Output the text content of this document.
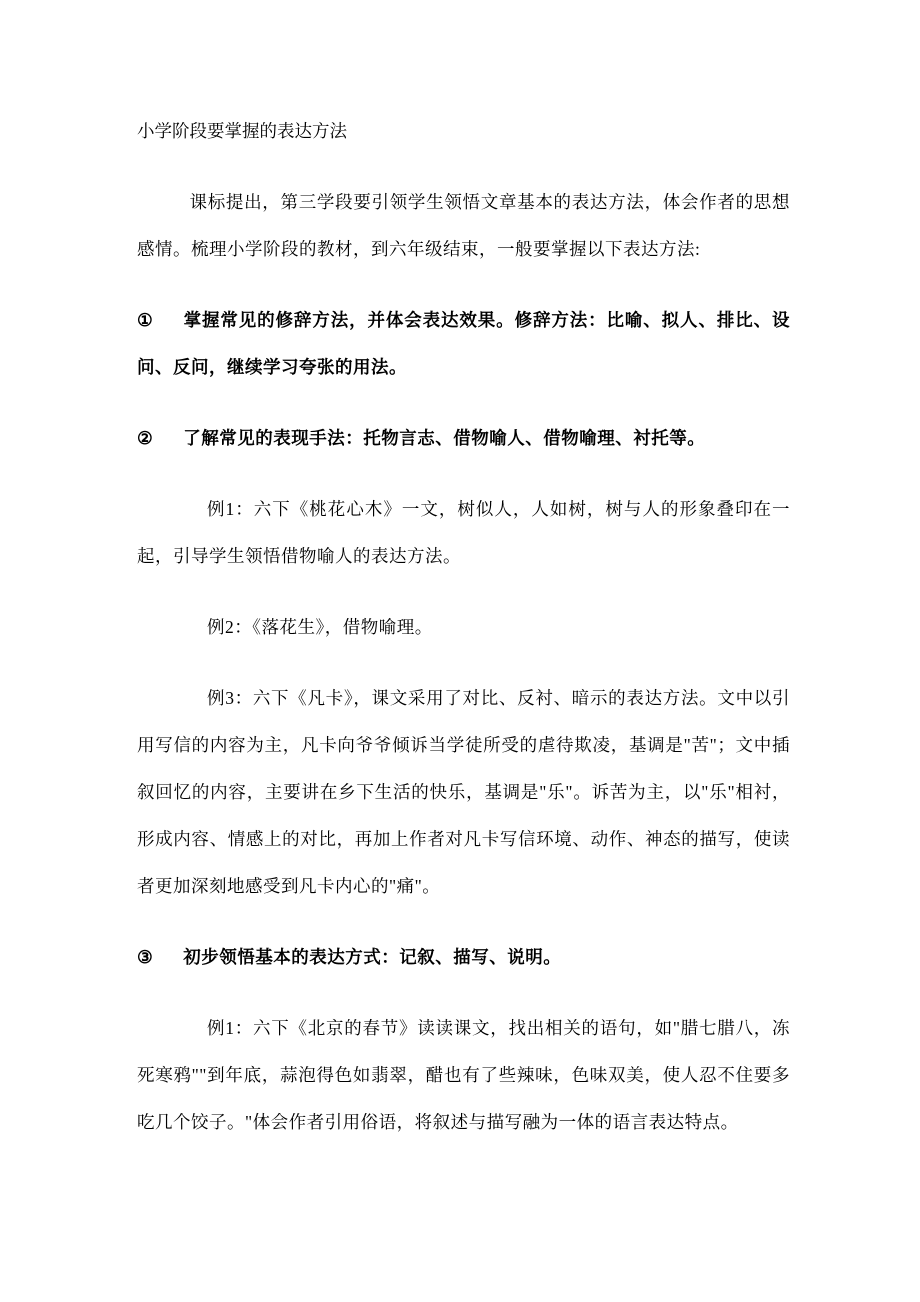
小学阶段要掌握的表达方法

课标提出，第三学段要引领学生领悟文章基本的表达方法，体会作者的思想感情。梳理小学阶段的教材，到六年级结束，一般要掌握以下表达方法:

① 掌握常见的修辞方法，并体会表达效果。修辞方法：比喻、拟人、排比、设问、反问，继续学习夸张的用法。

② 了解常见的表现手法：托物言志、借物喻人、借物喻理、衬托等。

例1：六下《桃花心木》一文，树似人，人如树，树与人的形象叠印在一起，引导学生领悟借物喻人的表达方法。

例2：《落花生》，借物喻理。

例3：六下《凡卡》，课文采用了对比、反衬、暗示的表达方法。文中以引用写信的内容为主，凡卡向爷爷倾诉当学徒所受的虐待欺凌，基调是"苦"；文中插叙回忆的内容，主要讲在乡下生活的快乐，基调是"乐"。诉苦为主，以"乐"相衬，形成内容、情感上的对比，再加上作者对凡卡写信环境、动作、神态的描写，使读者更加深刻地感受到凡卡内心的"痛"。

③ 初步领悟基本的表达方式：记叙、描写、说明。

例1：六下《北京的春节》读读课文，找出相关的语句，如"腊七腊八，冻死寒鸦""到年底，蒜泡得色如翡翠，醋也有了些辣味，色味双美，使人忍不住要多吃几个饺子。"体会作者引用俗语，将叙述与描写融为一体的语言表达特点。
